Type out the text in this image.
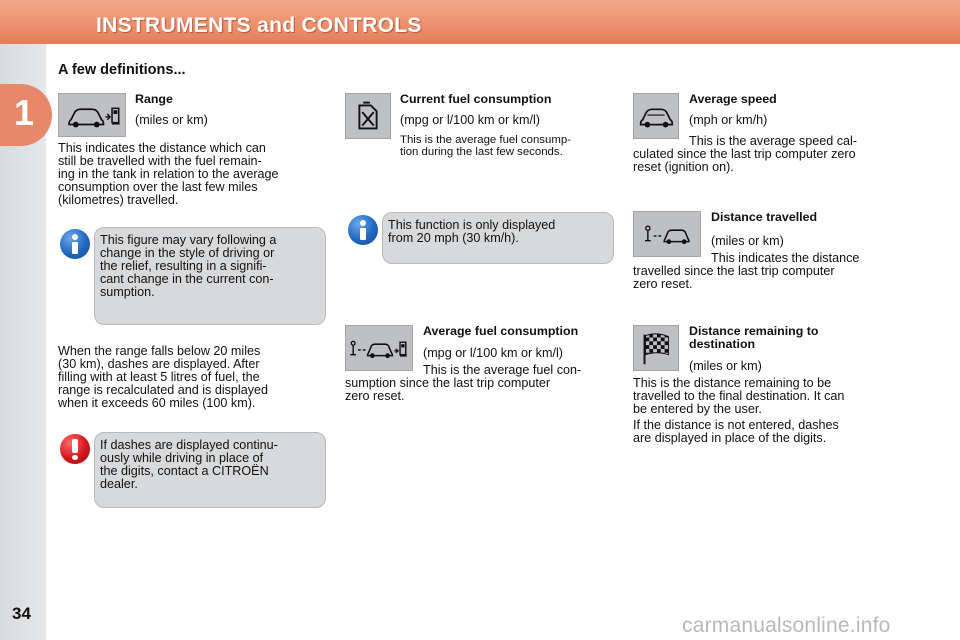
INSTRUMENTS and CONTROLS
1
34
A few definitions...
Range
(miles or km)
This indicates the distance which can
still be travelled with the fuel remain-
ing in the tank in relation to the average
consumption over the last few miles
(kilometres) travelled.
This figure may vary following a
change in the style of driving or
the relief, resulting in a signifi-
cant change in the current con-
sumption.
When the range falls below 20 miles
(30 km), dashes are displayed. After
filling with at least 5 litres of fuel, the
range is recalculated and is displayed
when it exceeds 60 miles (100 km).
If dashes are displayed continu-
ously while driving in place of
the digits, contact a CITROËN
dealer.
Current fuel consumption
(mpg or l/100 km or km/l)
This is the average fuel consump-
tion during the last few seconds.
This function is only displayed
from 20 mph (30 km/h).
Average fuel consumption
(mpg or l/100 km or km/l)
This is the average fuel con-
sumption since the last trip computer
zero reset.
Average speed
(mph or km/h)
This is the average speed cal-
culated since the last trip computer zero
reset (ignition on).
Distance travelled
(miles or km)
This indicates the distance
travelled since the last trip computer
zero reset.
Distance remaining to
destination
(miles or km)
This is the distance remaining to be
travelled to the final destination. It can
be entered by the user.
If the distance is not entered, dashes
are displayed in place of the digits.
carmanualsonline.info
